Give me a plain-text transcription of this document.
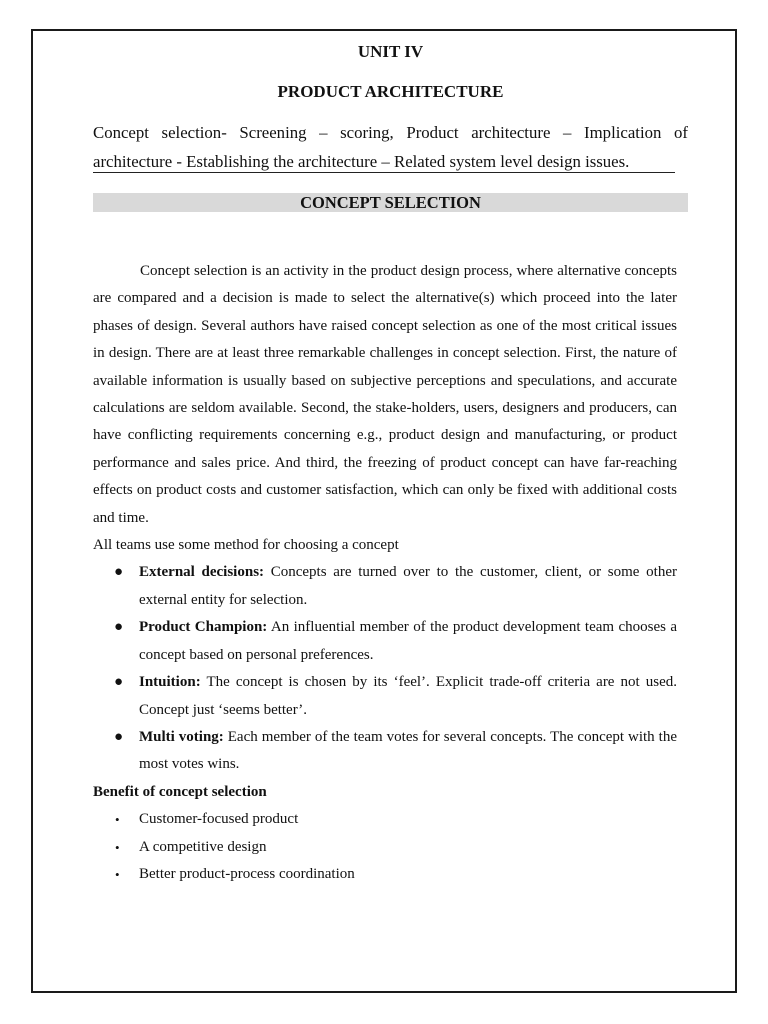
UNIT IV
PRODUCT ARCHITECTURE
Concept selection- Screening – scoring, Product architecture – Implication of architecture - Establishing the architecture – Related system level design issues.
CONCEPT SELECTION

Concept selection is an activity in the product design process, where alternative concepts are compared and a decision is made to select the alternative(s) which proceed into the later phases of design. Several authors have raised concept selection as one of the most critical issues in design. There are at least three remarkable challenges in concept selection. First, the nature of available information is usually based on subjective perceptions and speculations, and accurate calculations are seldom available. Second, the stake-holders, users, designers and producers, can have conflicting requirements concerning e.g., product design and manufacturing, or product performance and sales price. And third, the freezing of product concept can have far-reaching effects on product costs and customer satisfaction, which can only be fixed with additional costs and time.

All teams use some method for choosing a concept

● External decisions: Concepts are turned over to the customer, client, or some other external entity for selection.
● Product Champion: An influential member of the product development team chooses a concept based on personal preferences.
● Intuition: The concept is chosen by its ‘feel’. Explicit trade-off criteria are not used. Concept just ‘seems better’.
● Multi voting: Each member of the team votes for several concepts. The concept with the most votes wins.

Benefit of concept selection

• Customer-focused product
• A competitive design
• Better product-process coordination
